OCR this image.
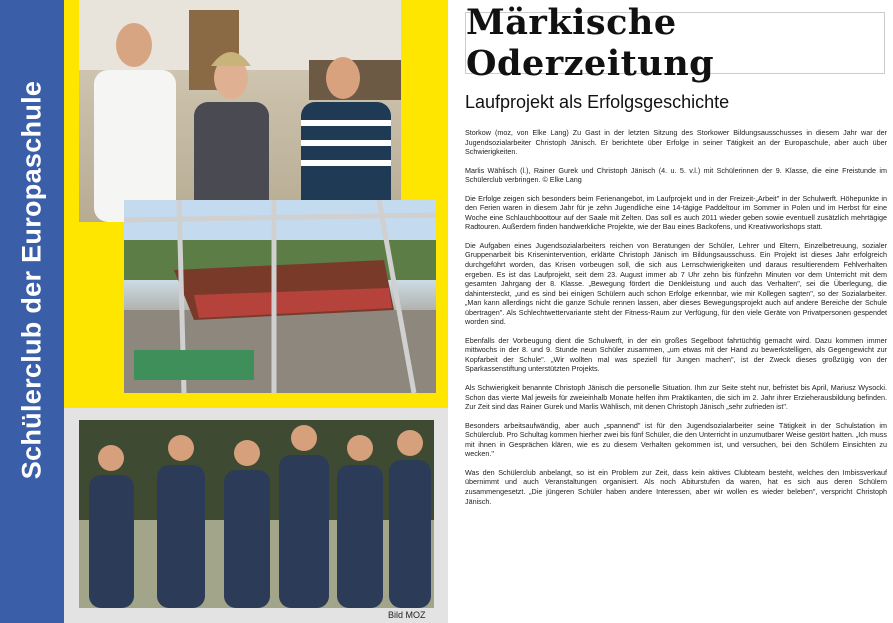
Schülerclub der Europaschule
Bild MOZ
Märkische Oderzeitung
Laufprojekt als Erfolgsgeschichte

Storkow (moz, von Elke Lang) Zu Gast in der letzten Sitzung des Storkower Bildungsausschusses in diesem Jahr war der Jugendsozialarbeiter Christoph Jänisch. Er berichtete über Erfolge in seiner Tätigkeit an der Europaschule, aber auch über Schwierigkeiten.

Marlis Wählisch (l.), Rainer Gurek und Christoph Jänisch (4. u. 5. v.l.) mit Schülerinnen der 9. Klasse, die eine Freistunde im Schülerclub verbringen. © Elke Lang

Die Erfolge zeigen sich besonders beim Ferienangebot, im Laufprojekt und in der Freizeit-„Arbeit" in der Schulwerft. Höhepunkte in den Ferien waren in diesem Jahr für je zehn Jugendliche eine 14-tägige Paddeltour im Sommer in Polen und im Herbst für eine Woche eine Schlauchboottour auf der Saale mit Zelten. Das soll es auch 2011 wieder geben sowie eventuell zusätzlich mehrtägige Radtouren. Außerdem finden handwerkliche Projekte, wie der Bau eines Backofens, und Kreativworkshops statt.

Die Aufgaben eines Jugendsozialarbeiters reichen von Beratungen der Schüler, Lehrer und Eltern, Einzelbetreuung, sozialer Gruppenarbeit bis Krisenintervention, erklärte Christoph Jänisch im Bildungsausschuss. Ein Projekt ist dieses Jahr erfolgreich durchgeführt worden, das Krisen vorbeugen soll, die sich aus Lernschwierigkeiten und daraus resultierendem Fehlverhalten ergeben. Es ist das Laufprojekt, seit dem 23. August immer ab 7 Uhr zehn bis fünfzehn Minuten vor dem Unterricht mit dem gesamten Jahrgang der 8. Klasse. „Bewegung fördert die Denkleistung und auch das Verhalten", sei die Überlegung, die dahintersteckt, „und es sind bei einigen Schülern auch schon Erfolge erkennbar, wie mir Kollegen sagten", so der Sozialarbeiter. „Man kann allerdings nicht die ganze Schule rennen lassen, aber dieses Bewegungsprojekt auch auf andere Bereiche der Schule übertragen". Als Schlechtwettervariante steht der Fitness-Raum zur Verfügung, für den viele Geräte von Privatpersonen gespendet worden sind.

Ebenfalls der Vorbeugung dient die Schulwerft, in der ein großes Segelboot fahrtüchtig gemacht wird. Dazu kommen immer mittwochs in der 8. und 9. Stunde neun Schüler zusammen, „um etwas mit der Hand zu bewerkstelligen, als Gegengewicht zur Kopfarbeit der Schule". „Wir wollten mal was speziell für Jungen machen", ist der Zweck dieses großzügig von der Sparkassenstiftung unterstützten Projekts.

Als Schwierigkeit benannte Christoph Jänisch die personelle Situation. Ihm zur Seite steht nur, befristet bis April, Mariusz Wysocki. Schon das vierte Mal jeweils für zweieinhalb Monate helfen ihm Praktikanten, die sich im 2. Jahr ihrer Erzieherausbildung befinden. Zur Zeit sind das Rainer Gurek und Marlis Wählisch, mit denen Christoph Jänisch „sehr zufrieden ist".

Besonders arbeitsaufwändig, aber auch „spannend" ist für den Jugendsozialarbeiter seine Tätigkeit in der Schulstation im Schülerclub. Pro Schultag kommen hierher zwei bis fünf Schüler, die den Unterricht in unzumutbarer Weise gestört hatten. „Ich muss mit ihnen in Gesprächen klären, wie es zu diesem Verhalten gekommen ist, und versuchen, bei den Schülern Einsichten zu wecken."

Was den Schülerclub anbelangt, so ist ein Problem zur Zeit, dass kein aktives Clubteam besteht, welches den Imbissverkauf übernimmt und auch Veranstaltungen organisiert. Als noch Abiturstufen da waren, hat es sich aus deren Schülern zusammengesetzt. „Die jüngeren Schüler haben andere Interessen, aber wir wollen es wieder beleben", verspricht Christoph Jänisch.
